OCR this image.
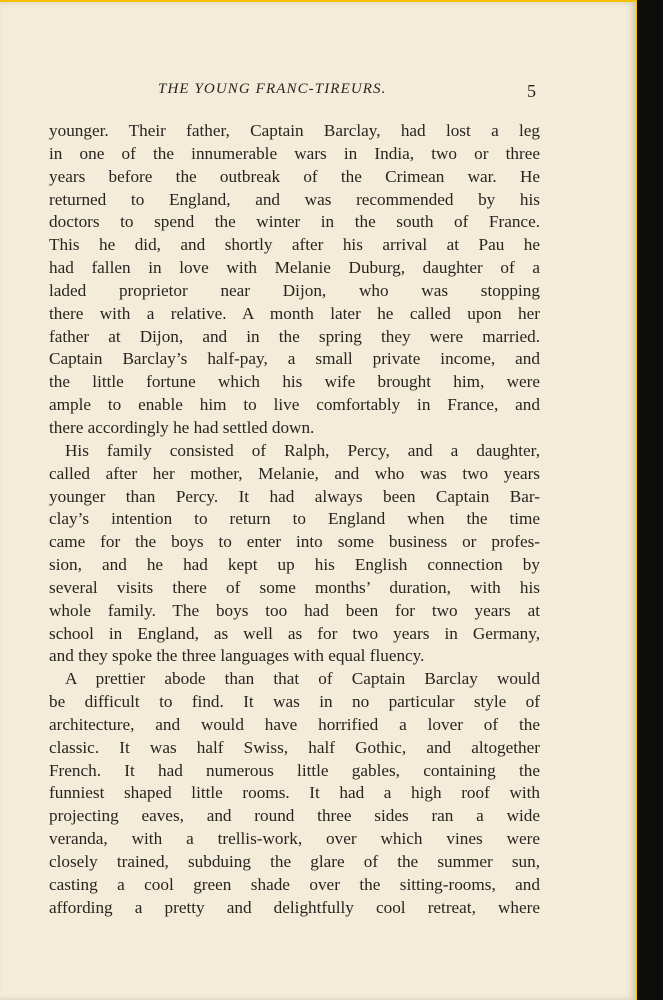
THE YOUNG FRANC-TIREURS.	5
younger. Their father, Captain Barclay, had lost a leg
in one of the innumerable wars in India, two or three
years before the outbreak of the Crimean war. He
returned to England, and was recommended by his
doctors to spend the winter in the south of France.
This he did, and shortly after his arrival at Pau he
had fallen in love with Melanie Duburg, daughter of a
laded proprietor near Dijon, who was stopping
there with a relative. A month later he called upon her
father at Dijon, and in the spring they were married.
Captain Barclay’s half-pay, a small private income, and
the little fortune which his wife brought him, were
ample to enable him to live comfortably in France, and
there accordingly he had settled down.
His family consisted of Ralph, Percy, and a daughter,
called after her mother, Melanie, and who was two years
younger than Percy. It had always been Captain Bar-
clay’s intention to return to England when the time
came for the boys to enter into some business or profes-
sion, and he had kept up his English connection by
several visits there of some months’ duration, with his
whole family. The boys too had been for two years at
school in England, as well as for two years in Germany,
and they spoke the three languages with equal fluency.
A prettier abode than that of Captain Barclay would
be difficult to find. It was in no particular style of
architecture, and would have horrified a lover of the
classic. It was half Swiss, half Gothic, and altogether
French. It had numerous little gables, containing the
funniest shaped little rooms. It had a high roof with
projecting eaves, and round three sides ran a wide
veranda, with a trellis-work, over which vines were
closely trained, subduing the glare of the summer sun,
casting a cool green shade over the sitting-rooms, and
affording a pretty and delightfully cool retreat, where
